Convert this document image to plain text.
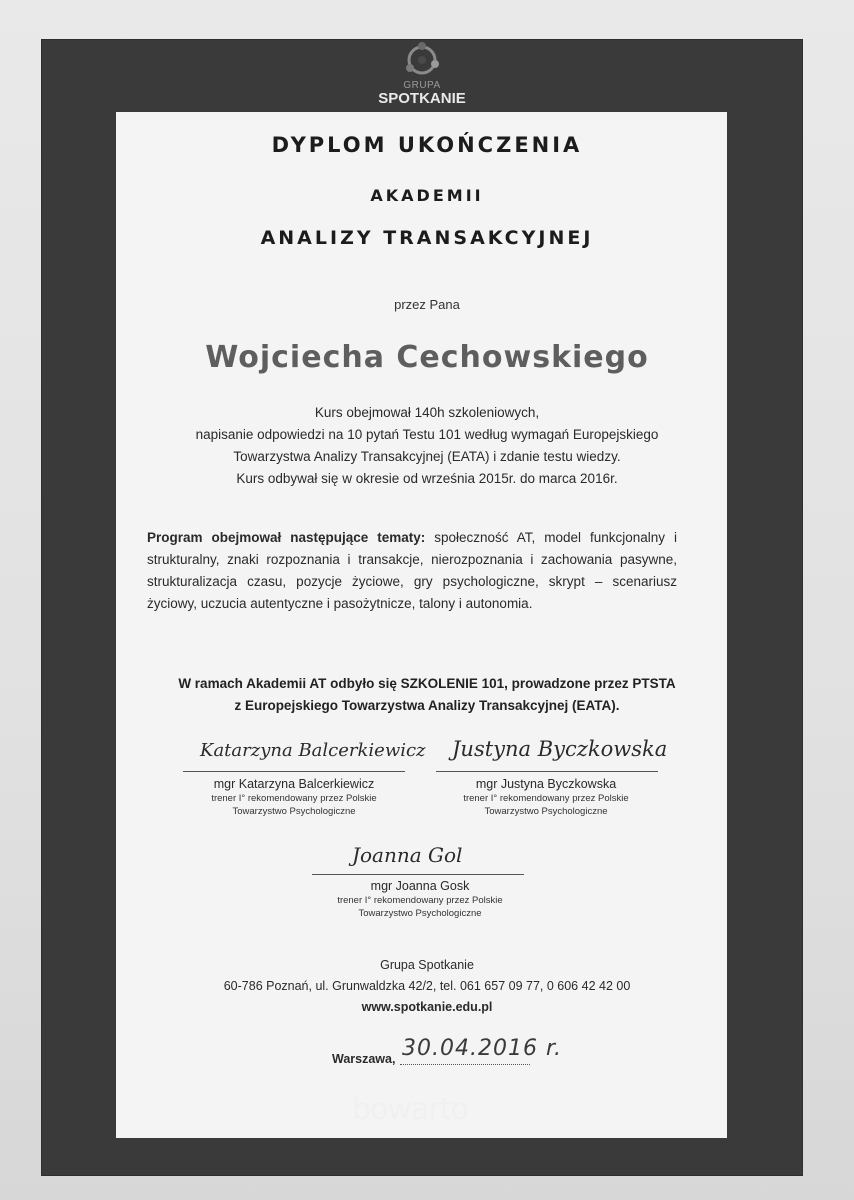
GRUPA
SPOTKANIE
DYPLOM UKOŃCZENIA
AKADEMII
ANALIZY TRANSAKCYJNEJ
przez Pana
Wojciecha Cechowskiego
Kurs obejmował 140h szkoleniowych,
napisanie odpowiedzi na 10 pytań Testu 101 według wymagań Europejskiego
Towarzystwa Analizy Transakcyjnej (EATA) i zdanie testu wiedzy.
Kurs odbywał się w okresie od września 2015r. do marca 2016r.
Program obejmował następujące tematy: społeczność AT, model funkcjonalny i strukturalny, znaki rozpoznania i transakcje, nierozpoznania i zachowania pasywne, strukturalizacja czasu, pozycje życiowe, gry psychologiczne, skrypt – scenariusz życiowy, uczucia autentyczne i pasożytnicze, talony i autonomia.
W ramach Akademii AT odbyło się SZKOLENIE 101, prowadzone przez PTSTA
z Europejskiego Towarzystwa Analizy Transakcyjnej (EATA).
Katarzyna Balcerkiewicz
mgr Katarzyna Balcerkiewicz
trener I° rekomendowany przez Polskie
Towarzystwo Psychologiczne
Justyna Byczkowska
mgr Justyna Byczkowska
trener I° rekomendowany przez Polskie
Towarzystwo Psychologiczne
Joanna Gol
mgr Joanna Gosk
trener I° rekomendowany przez Polskie
Towarzystwo Psychologiczne
Grupa Spotkanie
60-786 Poznań, ul. Grunwaldzka 42/2, tel. 061 657 09 77, 0 606 42 42 00
www.spotkanie.edu.pl
Warszawa, 30.04.2016 r.
bowarto®
